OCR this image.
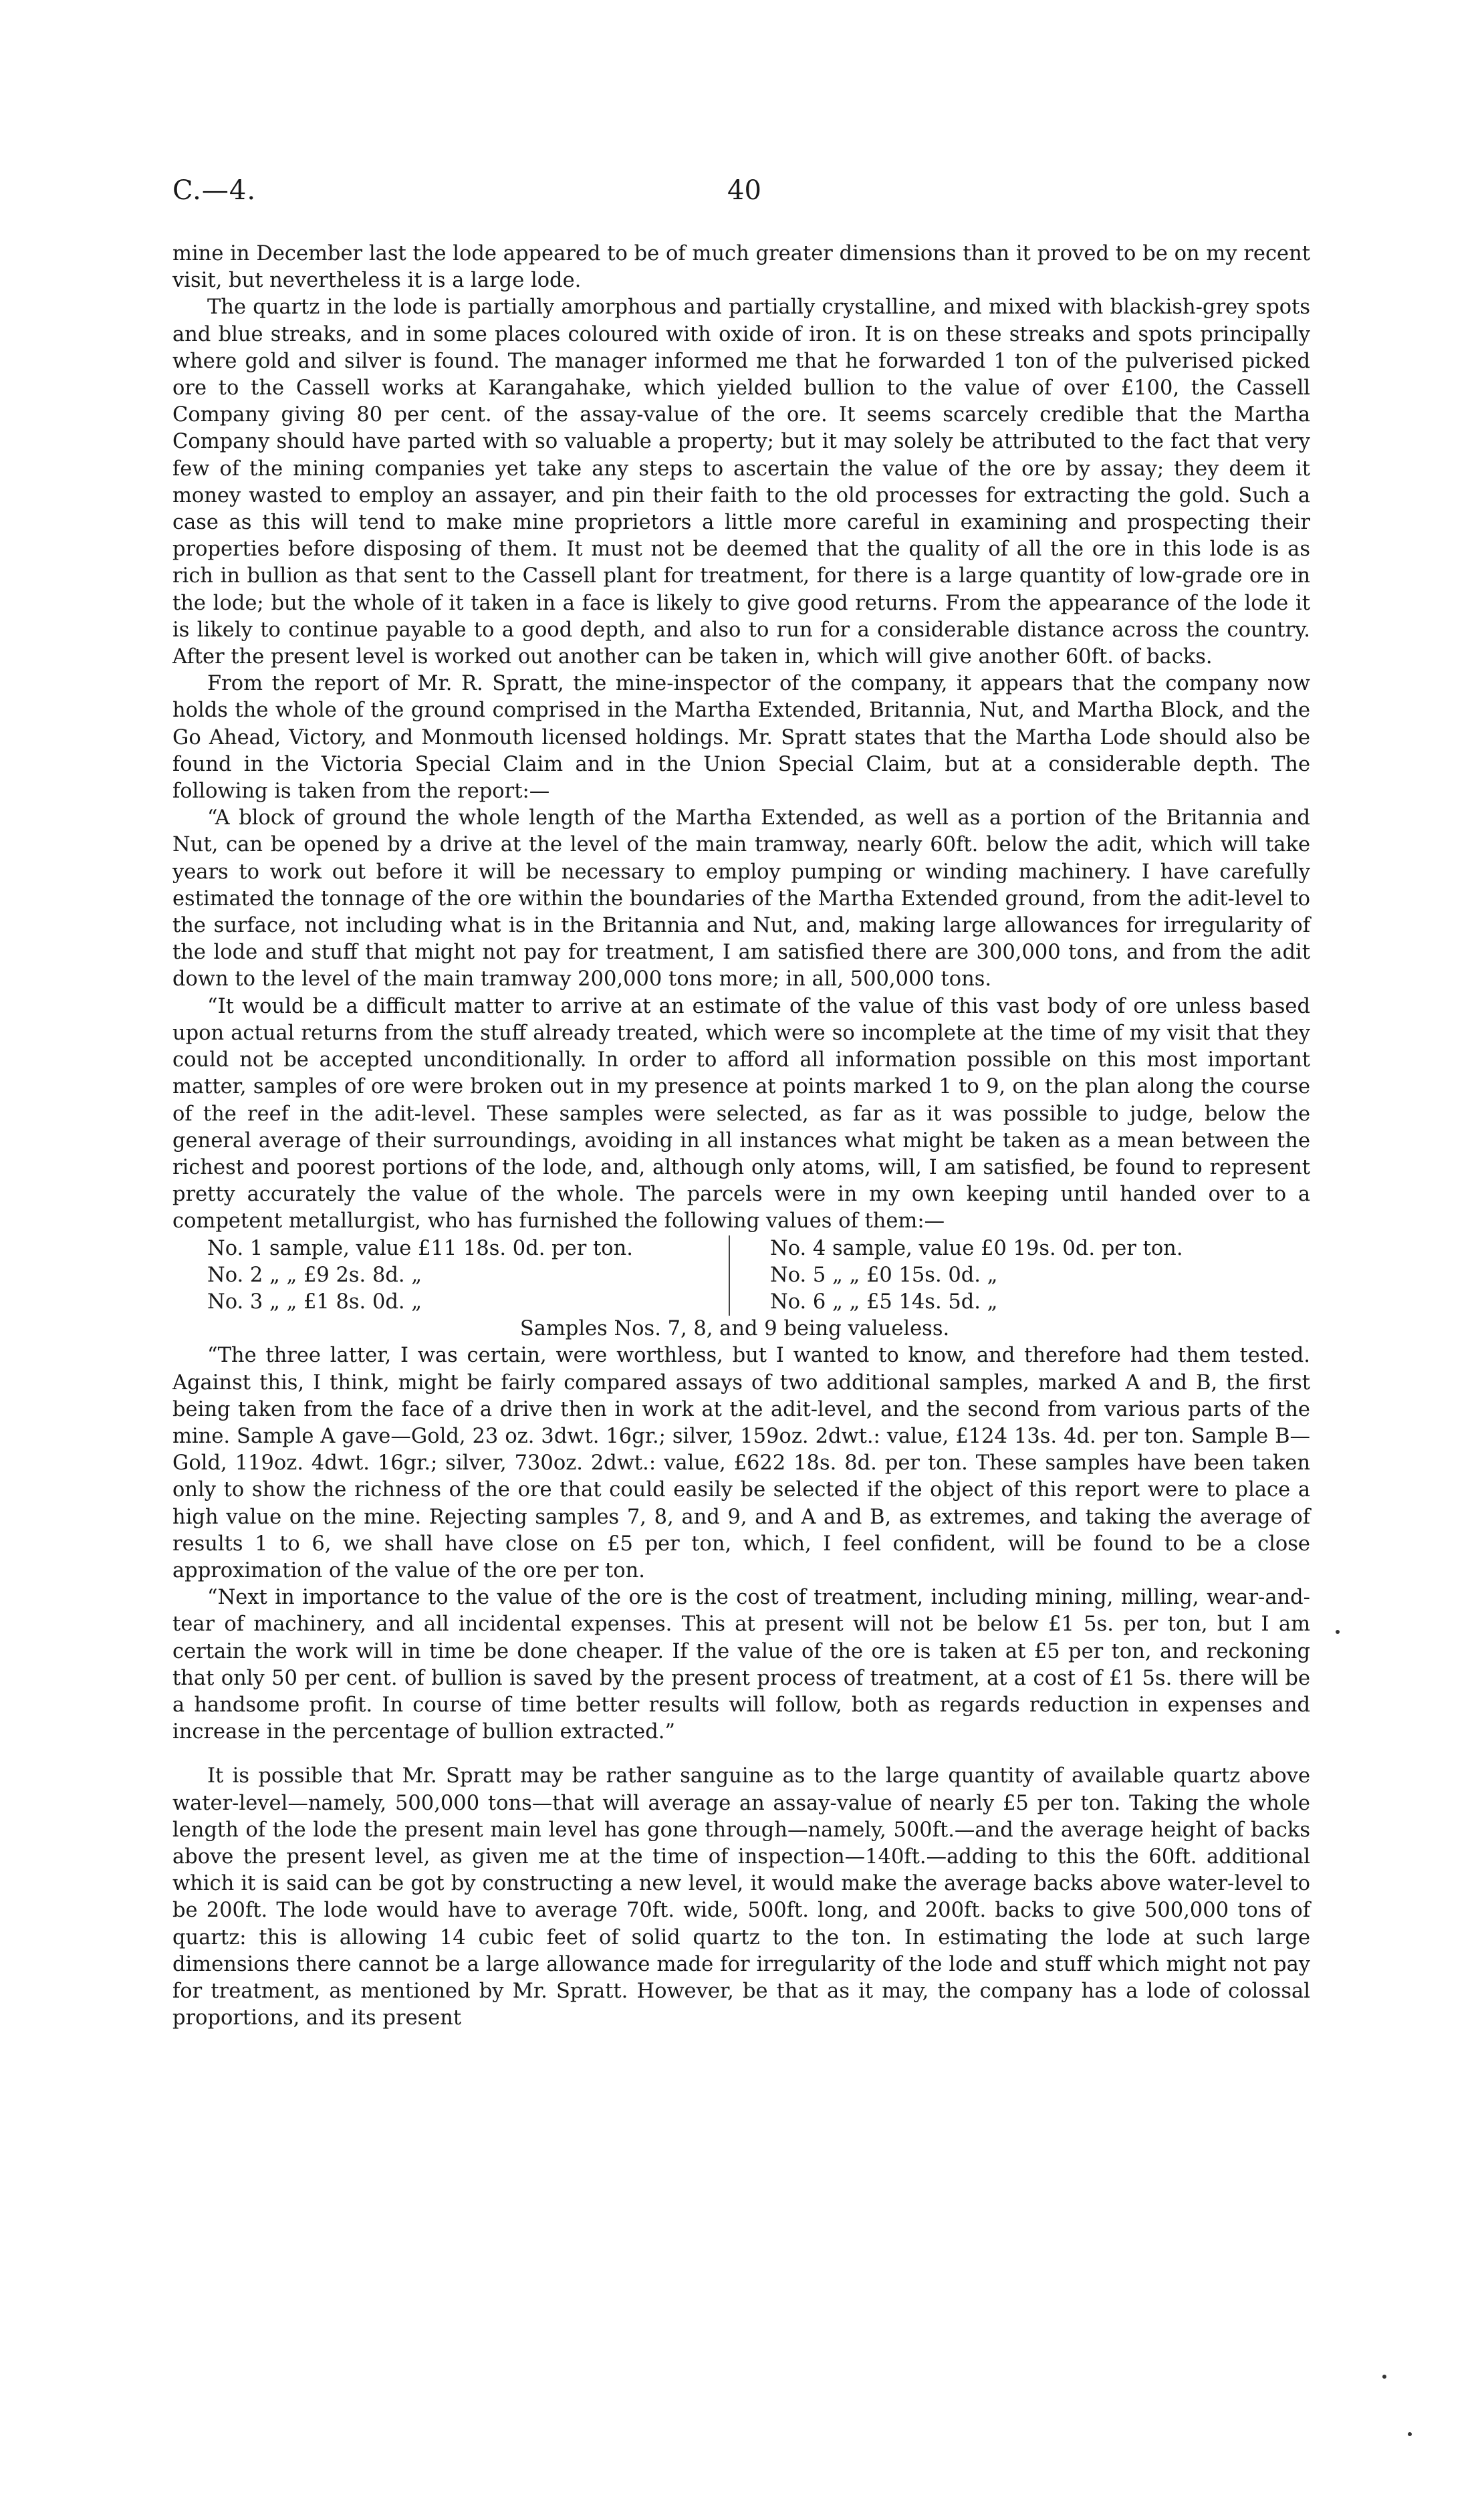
C.—4.	40

mine in December last the lode appeared to be of much greater dimensions than it proved to be on my recent visit, but nevertheless it is a large lode.

The quartz in the lode is partially amorphous and partially crystalline, and mixed with blackish-grey spots and blue streaks, and in some places coloured with oxide of iron. It is on these streaks and spots principally where gold and silver is found. The manager informed me that he forwarded 1 ton of the pulverised picked ore to the Cassell works at Karangahake, which yielded bullion to the value of over £100, the Cassell Company giving 80 per cent. of the assay-value of the ore. It seems scarcely credible that the Martha Company should have parted with so valuable a property; but it may solely be attributed to the fact that very few of the mining companies yet take any steps to ascertain the value of the ore by assay; they deem it money wasted to employ an assayer, and pin their faith to the old processes for extracting the gold. Such a case as this will tend to make mine proprietors a little more careful in examining and prospecting their properties before disposing of them. It must not be deemed that the quality of all the ore in this lode is as rich in bullion as that sent to the Cassell plant for treatment, for there is a large quantity of low-grade ore in the lode; but the whole of it taken in a face is likely to give good returns. From the appearance of the lode it is likely to continue payable to a good depth, and also to run for a considerable distance across the country. After the present level is worked out another can be taken in, which will give another 60ft. of backs.

From the report of Mr. R. Spratt, the mine-inspector of the company, it appears that the company now holds the whole of the ground comprised in the Martha Extended, Britannia, Nut, and Martha Block, and the Go Ahead, Victory, and Monmouth licensed holdings. Mr. Spratt states that the Martha Lode should also be found in the Victoria Special Claim and in the Union Special Claim, but at a considerable depth. The following is taken from the report:—

“A block of ground the whole length of the Martha Extended, as well as a portion of the Britannia and Nut, can be opened by a drive at the level of the main tramway, nearly 60ft. below the adit, which will take years to work out before it will be necessary to employ pumping or winding machinery. I have carefully estimated the tonnage of the ore within the boundaries of the Martha Extended ground, from the adit-level to the surface, not including what is in the Britannia and Nut, and, making large allowances for irregularity of the lode and stuff that might not pay for treatment, I am satisfied there are 300,000 tons, and from the adit down to the level of the main tramway 200,000 tons more; in all, 500,000 tons.

“It would be a difficult matter to arrive at an estimate of the value of this vast body of ore unless based upon actual returns from the stuff already treated, which were so incomplete at the time of my visit that they could not be accepted unconditionally. In order to afford all information possible on this most important matter, samples of ore were broken out in my presence at points marked 1 to 9, on the plan along the course of the reef in the adit-level. These samples were selected, as far as it was possible to judge, below the general average of their surroundings, avoiding in all instances what might be taken as a mean between the richest and poorest portions of the lode, and, although only atoms, will, I am satisfied, be found to represent pretty accurately the value of the whole. The parcels were in my own keeping until handed over to a competent metallurgist, who has furnished the following values of them:—

No. 1 sample, value £11 18s. 0d. per ton.
No. 2 „ „ £9 2s. 8d. „
No. 3 „ „ £1 8s. 0d. „
No. 4 sample, value £0 19s. 0d. per ton.
No. 5 „ „ £0 15s. 0d. „
No. 6 „ „ £5 14s. 5d. „
Samples Nos. 7, 8, and 9 being valueless.

“The three latter, I was certain, were worthless, but I wanted to know, and therefore had them tested. Against this, I think, might be fairly compared assays of two additional samples, marked A and B, the first being taken from the face of a drive then in work at the adit-level, and the second from various parts of the mine. Sample A gave—Gold, 23 oz. 3dwt. 16gr.; silver, 159oz. 2dwt.: value, £124 13s. 4d. per ton. Sample B—Gold, 119oz. 4dwt. 16gr.; silver, 730oz. 2dwt.: value, £622 18s. 8d. per ton. These samples have been taken only to show the richness of the ore that could easily be selected if the object of this report were to place a high value on the mine. Rejecting samples 7, 8, and 9, and A and B, as extremes, and taking the average of results 1 to 6, we shall have close on £5 per ton, which, I feel confident, will be found to be a close approximation of the value of the ore per ton.

“Next in importance to the value of the ore is the cost of treatment, including mining, milling, wear-and-tear of machinery, and all incidental expenses. This at present will not be below £1 5s. per ton, but I am certain the work will in time be done cheaper. If the value of the ore is taken at £5 per ton, and reckoning that only 50 per cent. of bullion is saved by the present process of treatment, at a cost of £1 5s. there will be a handsome profit. In course of time better results will follow, both as regards reduction in expenses and increase in the percentage of bullion extracted.”

It is possible that Mr. Spratt may be rather sanguine as to the large quantity of available quartz above water-level—namely, 500,000 tons—that will average an assay-value of nearly £5 per ton. Taking the whole length of the lode the present main level has gone through—namely, 500ft.—and the average height of backs above the present level, as given me at the time of inspection—140ft.—adding to this the 60ft. additional which it is said can be got by constructing a new level, it would make the average backs above water-level to be 200ft. The lode would have to average 70ft. wide, 500ft. long, and 200ft. backs to give 500,000 tons of quartz: this is allowing 14 cubic feet of solid quartz to the ton. In estimating the lode at such large dimensions there cannot be a large allowance made for irregularity of the lode and stuff which might not pay for treatment, as mentioned by Mr. Spratt. However, be that as it may, the company has a lode of colossal proportions, and its present
